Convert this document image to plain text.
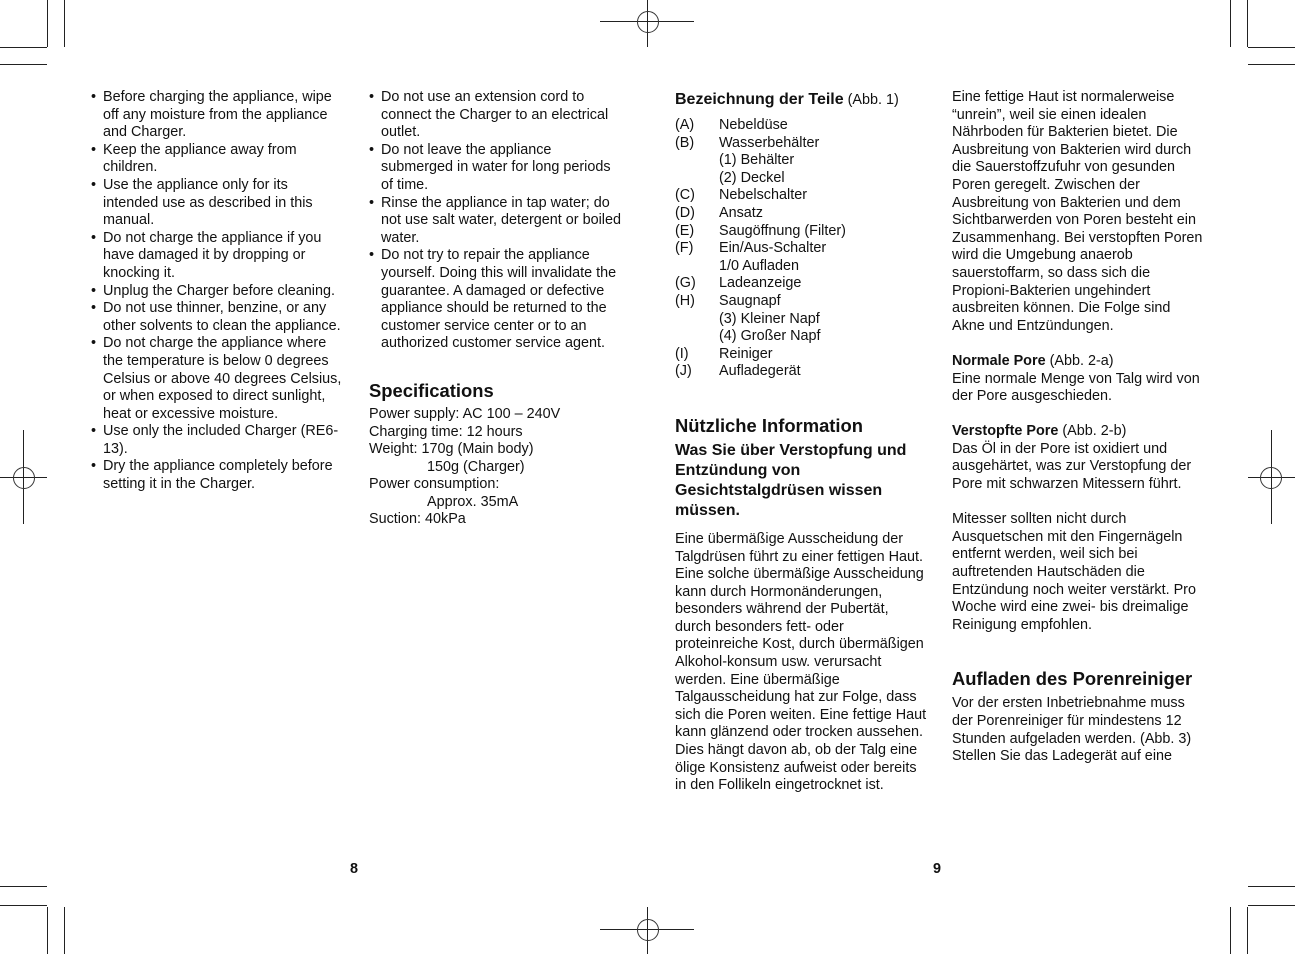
• Before charging the appliance, wipe off any moisture from the appliance and Charger.
• Keep the appliance away from children.
• Use the appliance only for its intended use as described in this manual.
• Do not charge the appliance if you have damaged it by dropping or knocking it.
• Unplug the Charger before cleaning.
• Do not use thinner, benzine, or any other solvents to clean the appliance.
• Do not charge the appliance where the temperature is below 0 degrees Celsius or above 40 degrees Celsius, or when exposed to direct sunlight, heat or excessive moisture.
• Use only the included Charger (RE6-13).
• Dry the appliance completely before setting it in the Charger.
• Do not use an extension cord to connect the Charger to an electrical outlet.
• Do not leave the appliance submerged in water for long periods of time.
• Rinse the appliance in tap water; do not use salt water, detergent or boiled water.
• Do not try to repair the appliance yourself. Doing this will invalidate the guarantee. A damaged or defective appliance should be returned to the customer service center or to an authorized customer service agent.
Specifications

Power supply: AC 100 – 240V

Charging time: 12 hours

Weight: 170g (Main body)

150g (Charger)

Power consumption:

Approx. 35mA

Suction: 40kPa

8
Bezeichnung der Teile (Abb. 1)
(A)	Nebeldüse
(B)	Wasserbehälter
(1) Behälter
(2) Deckel
(C)	Nebelschalter
(D)	Ansatz
(E)	Saugöffnung (Filter)
(F)	Ein/Aus-Schalter
1/0 Aufladen
(G)	Ladeanzeige
(H)	Saugnapf
(3) Kleiner Napf
(4) Großer Napf
(I)	Reiniger
(J)	Aufladegerät
Nützliche Information
Was Sie über Verstopfung und Entzündung von Gesichtstalgdrüsen wissen müssen.

Eine übermäßige Ausscheidung der Talgdrüsen führt zu einer fettigen Haut. Eine solche übermäßige Ausscheidung kann durch Hormonänderungen, besonders während der Pubertät, durch besonders fett- oder proteinreiche Kost, durch übermäßigen Alkohol-konsum usw. verursacht werden. Eine übermäßige Talgausscheidung hat zur Folge, dass sich die Poren weiten. Eine fettige Haut kann glänzend oder trocken aussehen. Dies hängt davon ab, ob der Talg eine ölige Konsistenz aufweist oder bereits in den Follikeln eingetrocknet ist.

Eine fettige Haut ist normalerweise “unrein”, weil sie einen idealen Nährboden für Bakterien bietet. Die Ausbreitung von Bakterien wird durch die Sauerstoffzufuhr von gesunden Poren geregelt. Zwischen der Ausbreitung von Bakterien und dem Sichtbarwerden von Poren besteht ein Zusammenhang. Bei verstopften Poren wird die Umgebung anaerob sauerstoffarm, so dass sich die Propioni-Bakterien ungehindert ausbreiten können. Die Folge sind Akne und Entzündungen.

Normale Pore (Abb. 2-a)

Eine normale Menge von Talg wird von der Pore ausgeschieden.

Verstopfte Pore (Abb. 2-b)

Das Öl in der Pore ist oxidiert und ausgehärtet, was zur Verstopfung der Pore mit schwarzen Mitessern führt.

Mitesser sollten nicht durch Ausquetschen mit den Fingernägeln entfernt werden, weil sich bei auftretenden Hautschäden die Entzündung noch weiter verstärkt. Pro Woche wird eine zwei- bis dreimalige Reinigung empfohlen.

Aufladen des Porenreiniger

Vor der ersten Inbetriebnahme muss der Porenreiniger für mindestens 12 Stunden aufgeladen werden. (Abb. 3)

Stellen Sie das Ladegerät auf eine

9
